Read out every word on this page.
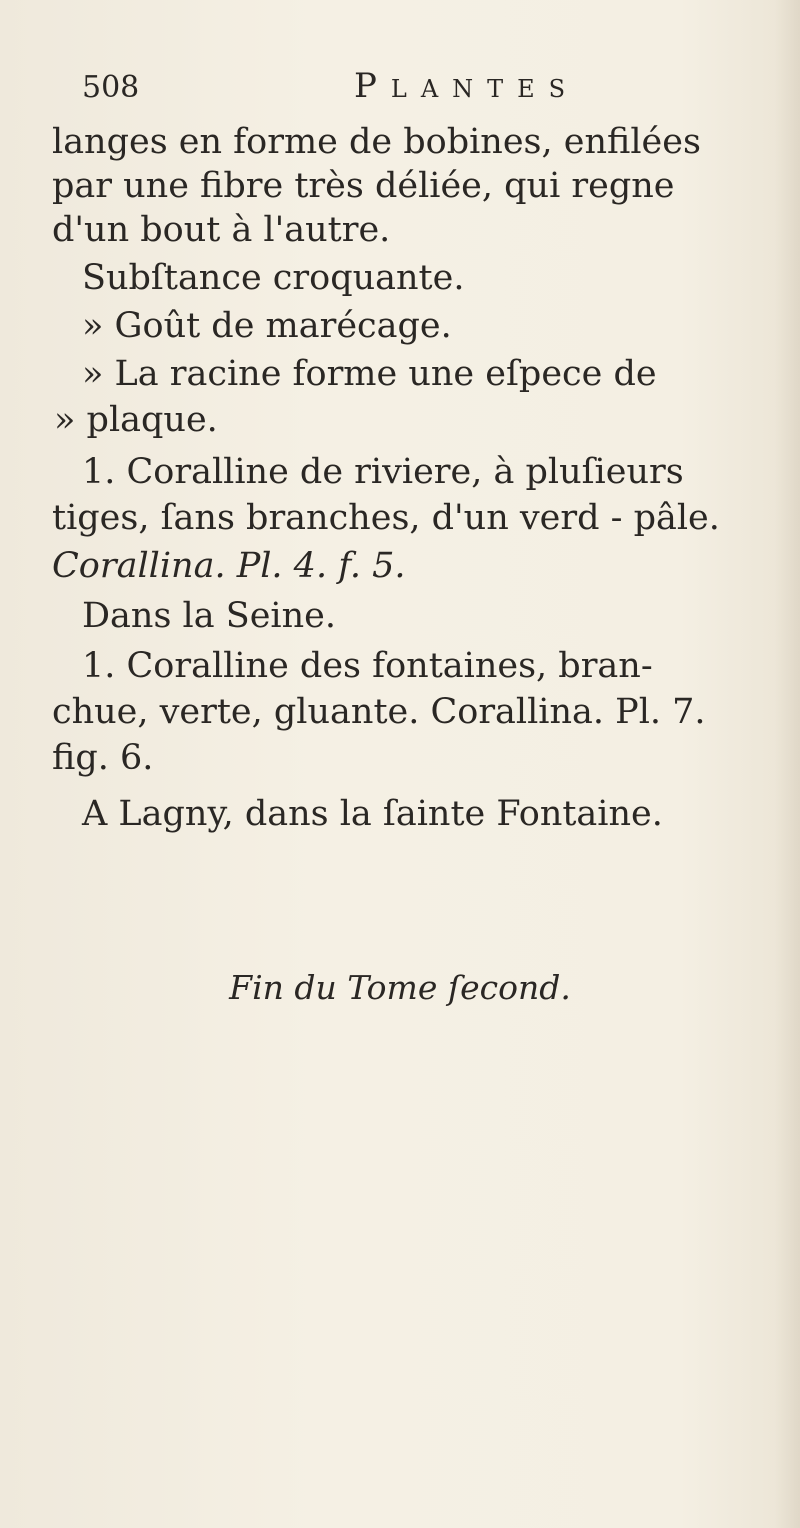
508	Plantes
langes en forme de bobines, enfilées
par une fibre très déliée, qui regne
d'un bout à l'autre.
Subſtance croquante.
» Goût de marécage.
» La racine forme une eſpece de
» plaque.
1. Coralline de riviere, à pluſieurs
tiges, ſans branches, d'un verd - pâle.
Corallina. Pl. 4. f. 5.
Dans la Seine.
1. Coralline des fontaines, bran-
chue, verte, gluante. Corallina. Pl. 7.
fig. 6.
A Lagny, dans la ſainte Fontaine.
Fin du Tome ſecond.
